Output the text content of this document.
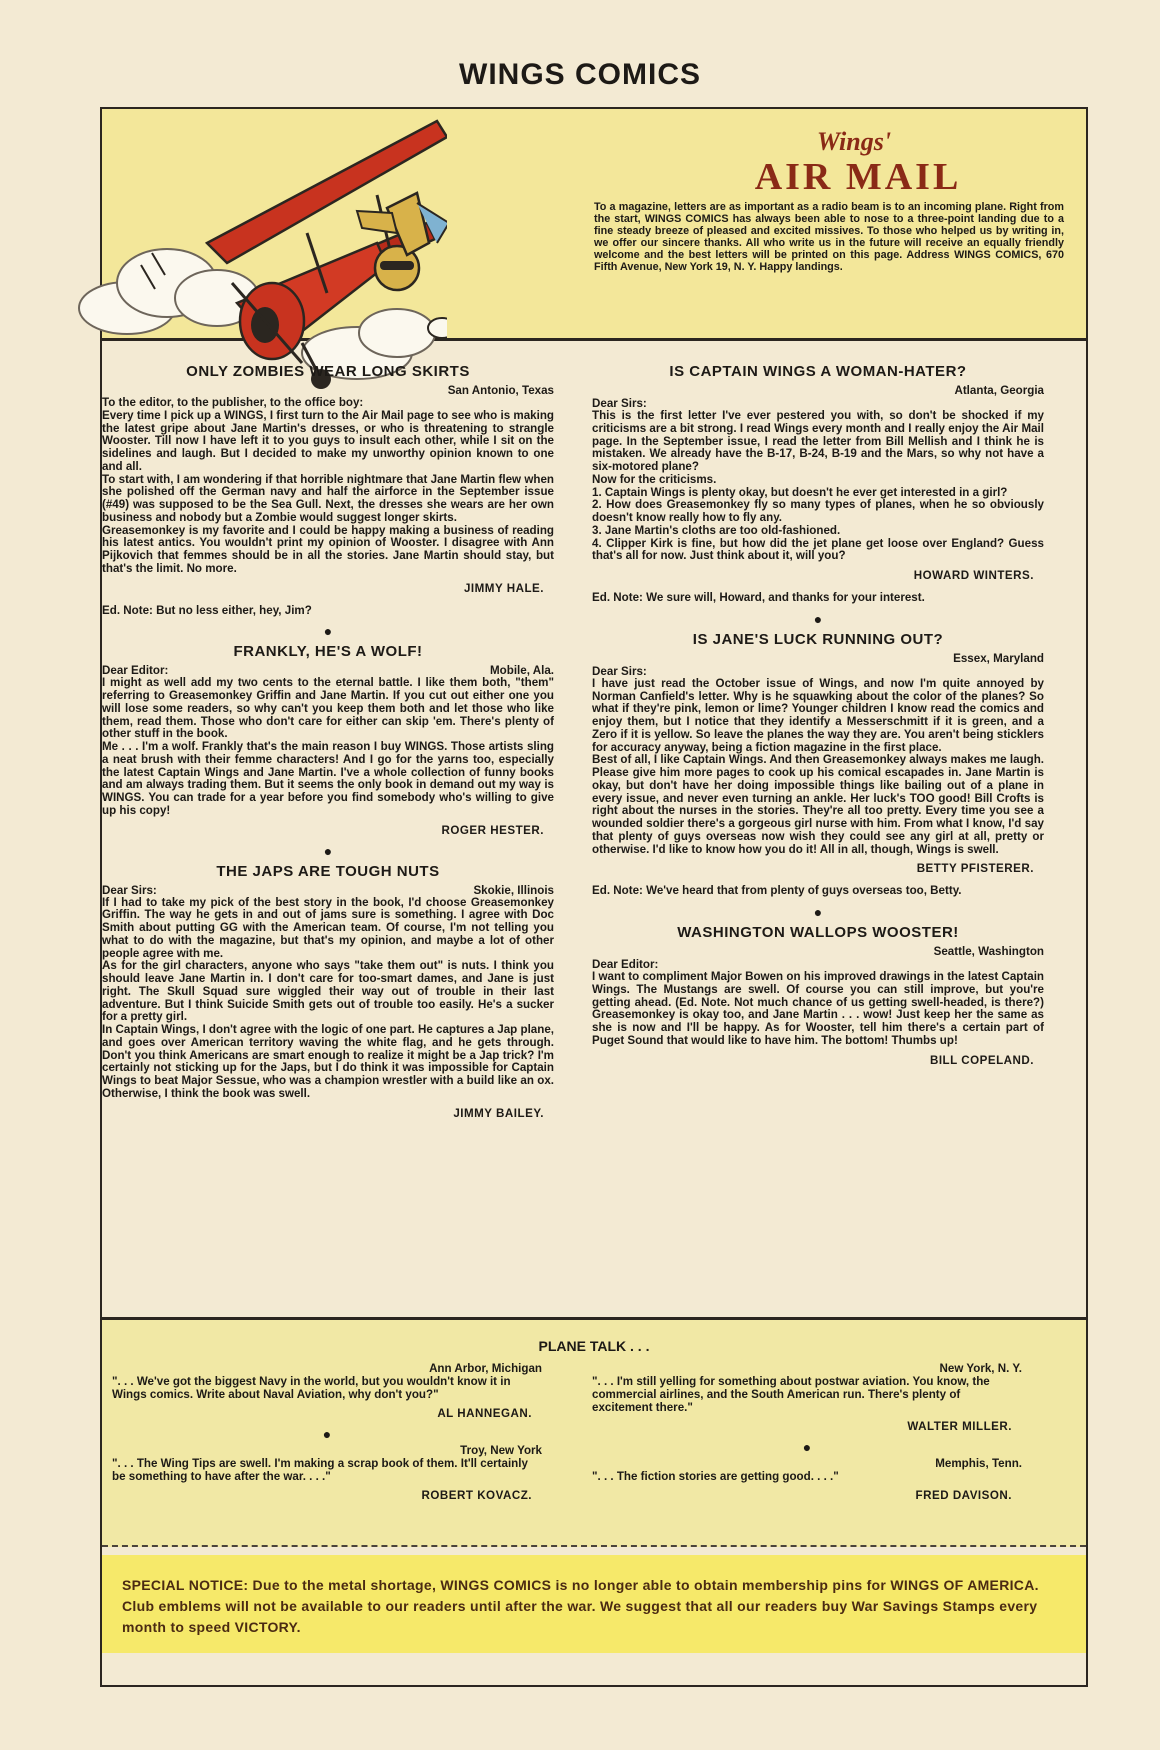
WINGS COMICS
Wings'
AIR MAIL
To a magazine, letters are as important as a radio beam is to an incoming plane. Right from the start, WINGS COMICS has always been able to nose to a three-point landing due to a fine steady breeze of pleased and excited missives. To those who helped us by writing in, we offer our sincere thanks. All who write us in the future will receive an equally friendly welcome and the best letters will be printed on this page. Address WINGS COMICS, 670 Fifth Avenue, New York 19, N. Y. Happy landings.
ONLY ZOMBIES WEAR LONG SKIRTS
San Antonio, Texas
To the editor, to the publisher, to the office boy:
Every time I pick up a WINGS, I first turn to the Air Mail page to see who is making the latest gripe about Jane Martin's dresses, or who is threatening to strangle Wooster. Till now I have left it to you guys to insult each other, while I sit on the sidelines and laugh. But I decided to make my unworthy opinion known to one and all.
To start with, I am wondering if that horrible nightmare that Jane Martin flew when she polished off the German navy and half the airforce in the September issue (#49) was supposed to be the Sea Gull. Next, the dresses she wears are her own business and nobody but a Zombie would suggest longer skirts.
Greasemonkey is my favorite and I could be happy making a business of reading his latest antics. You wouldn't print my opinion of Wooster. I disagree with Ann Pijkovich that femmes should be in all the stories. Jane Martin should stay, but that's the limit. No more.
JIMMY HALE.
Ed. Note: But no less either, hey, Jim?
●
FRANKLY, HE'S A WOLF!
Dear Editor:	Mobile, Ala.
I might as well add my two cents to the eternal battle. I like them both, "them" referring to Greasemonkey Griffin and Jane Martin. If you cut out either one you will lose some readers, so why can't you keep them both and let those who like them, read them. Those who don't care for either can skip 'em. There's plenty of other stuff in the book.
Me . . . I'm a wolf. Frankly that's the main reason I buy WINGS. Those artists sling a neat brush with their femme characters! And I go for the yarns too, especially the latest Captain Wings and Jane Martin. I've a whole collection of funny books and am always trading them. But it seems the only book in demand out my way is WINGS. You can trade for a year before you find somebody who's willing to give up his copy!
ROGER HESTER.
●
THE JAPS ARE TOUGH NUTS
Dear Sirs:	Skokie, Illinois
If I had to take my pick of the best story in the book, I'd choose Greasemonkey Griffin. The way he gets in and out of jams sure is something. I agree with Doc Smith about putting GG with the American team. Of course, I'm not telling you what to do with the magazine, but that's my opinion, and maybe a lot of other people agree with me.
As for the girl characters, anyone who says "take them out" is nuts. I think you should leave Jane Martin in. I don't care for too-smart dames, and Jane is just right. The Skull Squad sure wiggled their way out of trouble in their last adventure. But I think Suicide Smith gets out of trouble too easily. He's a sucker for a pretty girl.
In Captain Wings, I don't agree with the logic of one part. He captures a Jap plane, and goes over American territory waving the white flag, and he gets through. Don't you think Americans are smart enough to realize it might be a Jap trick? I'm certainly not sticking up for the Japs, but I do think it was impossible for Captain Wings to beat Major Sessue, who was a champion wrestler with a build like an ox. Otherwise, I think the book was swell.
JIMMY BAILEY.
IS CAPTAIN WINGS A WOMAN-HATER?
Atlanta, Georgia
Dear Sirs:
This is the first letter I've ever pestered you with, so don't be shocked if my criticisms are a bit strong. I read Wings every month and I really enjoy the Air Mail page. In the September issue, I read the letter from Bill Mellish and I think he is mistaken. We already have the B-17, B-24, B-19 and the Mars, so why not have a six-motored plane?
Now for the criticisms.
1. Captain Wings is plenty okay, but doesn't he ever get interested in a girl?
2. How does Greasemonkey fly so many types of planes, when he so obviously doesn't know really how to fly any.
3. Jane Martin's cloths are too old-fashioned.
4. Clipper Kirk is fine, but how did the jet plane get loose over England? Guess that's all for now. Just think about it, will you?
HOWARD WINTERS.
Ed. Note: We sure will, Howard, and thanks for your interest.
●
IS JANE'S LUCK RUNNING OUT?
Essex, Maryland
Dear Sirs:
I have just read the October issue of Wings, and now I'm quite annoyed by Norman Canfield's letter. Why is he squawking about the color of the planes? So what if they're pink, lemon or lime? Younger children I know read the comics and enjoy them, but I notice that they identify a Messerschmitt if it is green, and a Zero if it is yellow. So leave the planes the way they are. You aren't being sticklers for accuracy anyway, being a fiction magazine in the first place.
Best of all, I like Captain Wings. And then Greasemonkey always makes me laugh. Please give him more pages to cook up his comical escapades in. Jane Martin is okay, but don't have her doing impossible things like bailing out of a plane in every issue, and never even turning an ankle. Her luck's TOO good! Bill Crofts is right about the nurses in the stories. They're all too pretty. Every time you see a wounded soldier there's a gorgeous girl nurse with him. From what I know, I'd say that plenty of guys overseas now wish they could see any girl at all, pretty or otherwise. I'd like to know how you do it! All in all, though, Wings is swell.
BETTY PFISTERER.
Ed. Note: We've heard that from plenty of guys overseas too, Betty.
●
WASHINGTON WALLOPS WOOSTER!
Seattle, Washington
Dear Editor:
I want to compliment Major Bowen on his improved drawings in the latest Captain Wings. The Mustangs are swell. Of course you can still improve, but you're getting ahead. (Ed. Note. Not much chance of us getting swell-headed, is there?) Greasemonkey is okay too, and Jane Martin . . . wow! Just keep her the same as she is now and I'll be happy. As for Wooster, tell him there's a certain part of Puget Sound that would like to have him. The bottom! Thumbs up!
BILL COPELAND.
PLANE TALK . . .
Ann Arbor, Michigan
". . . We've got the biggest Navy in the world, but you wouldn't know it in Wings comics. Write about Naval Aviation, why don't you?"
AL HANNEGAN.
●
Troy, New York
". . . The Wing Tips are swell. I'm making a scrap book of them. It'll certainly be something to have after the war. . . ."
ROBERT KOVACZ.
New York, N. Y.
". . . I'm still yelling for something about postwar aviation. You know, the commercial airlines, and the South American run. There's plenty of excitement there."
WALTER MILLER.
●
Memphis, Tenn.
". . . The fiction stories are getting good. . . ."
FRED DAVISON.
SPECIAL NOTICE: Due to the metal shortage, WINGS COMICS is no longer able to obtain membership pins for WINGS OF AMERICA. Club emblems will not be available to our readers until after the war. We suggest that all our readers buy War Savings Stamps every month to speed VICTORY.
